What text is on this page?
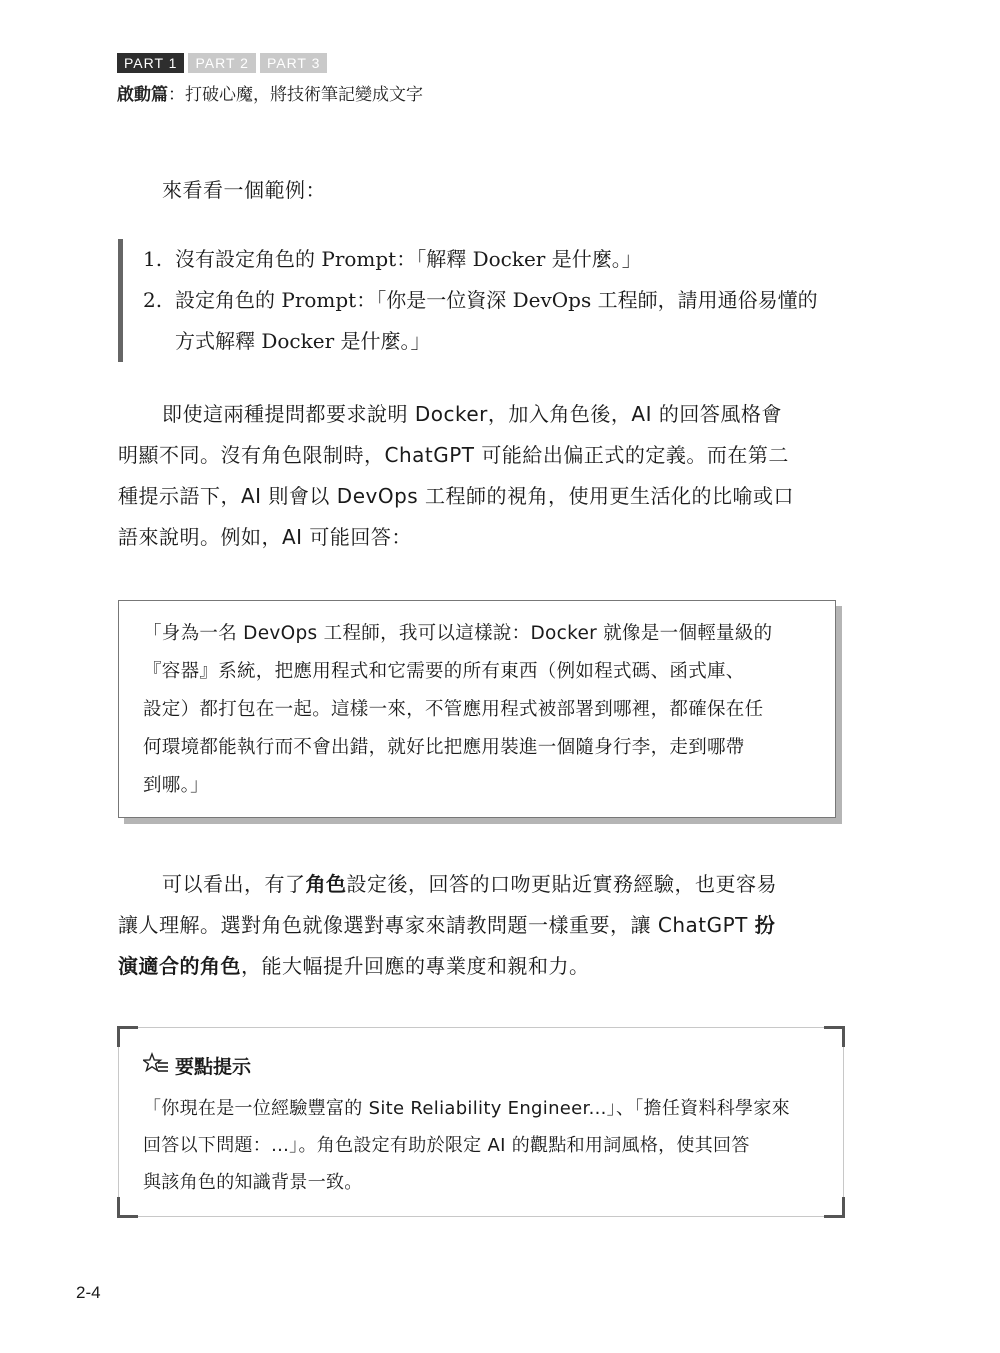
PART 1	PART 2	PART 3
啟動篇：打破心魔，將技術筆記變成文字
來看看一個範例：
1. 沒有設定角色的 Prompt：「解釋 Docker 是什麼。」
2. 設定角色的 Prompt：「你是一位資深 DevOps 工程師，請用通俗易懂的
方式解釋 Docker 是什麼。」
即使這兩種提問都要求說明 Docker，加入角色後，AI 的回答風格會
明顯不同。沒有角色限制時，ChatGPT 可能給出偏正式的定義。而在第二
種提示語下，AI 則會以 DevOps 工程師的視角，使用更生活化的比喻或口
語來說明。例如，AI 可能回答：
「身為一名 DevOps 工程師，我可以這樣說：Docker 就像是一個輕量級的
『容器』系統，把應用程式和它需要的所有東西（例如程式碼、函式庫、
設定）都打包在一起。這樣一來，不管應用程式被部署到哪裡，都確保在任
何環境都能執行而不會出錯，就好比把應用裝進一個隨身行李，走到哪帶
到哪。」
可以看出，有了角色設定後，回答的口吻更貼近實務經驗，也更容易
讓人理解。選對角色就像選對專家來請教問題一樣重要，讓 ChatGPT 扮
演適合的角色，能大幅提升回應的專業度和親和力。
要點提示
「你現在是一位經驗豐富的 Site Reliability Engineer...」、「擔任資料科學家來
回答以下問題：...」。角色設定有助於限定 AI 的觀點和用詞風格，使其回答
與該角色的知識背景一致。
2-4
